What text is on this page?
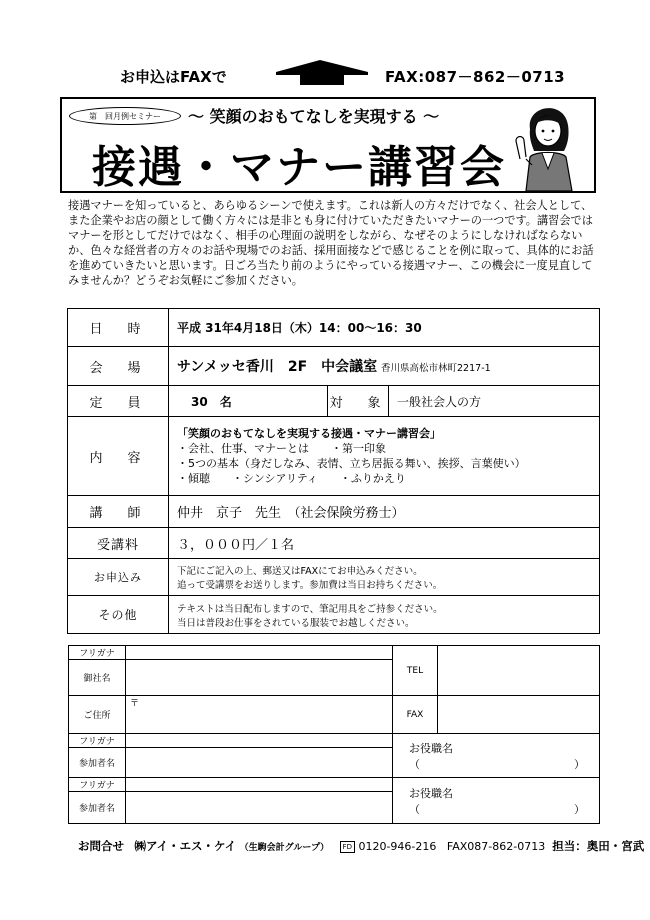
お申込はFAXで	FAX:087－862－0713
第　回月例セミナー	～ 笑顔のおもてなしを実現する ～
接遇・マナー講習会
接遇マナーを知っていると、あらゆるシーンで使えます。これは新人の方々だけでなく、社会人として、また企業やお店の顔として働く方々には是非とも身に付けていただきたいマナーの一つです。講習会ではマナーを形としてだけではなく、相手の心理面の説明をしながら、なぜそのようにしなければならないか、色々な経営者の方々のお話や現場でのお話、採用面接などで感じることを例に取って、具体的にお話を進めていきたいと思います。日ごろ当たり前のようにやっている接遇マナー、この機会に一度見直してみませんか？どうぞお気軽にご参加ください。
日　時	平成 31年4月18日（木）14：00～16：30		
会　場	サンメッセ香川　2F　中会議室 香川県高松市林町2217-1		
定　員	30　名	対　象	一般社会人の方
内　容	「笑顔のおもてなしを実現する接遇・マナー講習会」
・会社、仕事、マナーとは　　・第一印象
・5つの基本（身だしなみ、表情、立ち居振る舞い、挨拶、言葉使い）
・傾聴　　・シンシアリティ　　・ふりかえり		

講　師	仲井　京子　先生　（社会保険労務士）		
受講料	３，０００円／１名		
お申込み	下記にご記入の上、郵送又はFAXにてお申込みください。
追って受講票をお送りします。参加費は当日お持ちください。		

その他	テキストは当日配布しますので、筆記用具をご持参ください。
当日は普段お仕事をされている服装でお越しください。		
フリガナ		TEL	
御社名			
ご住所	〒	FAX	
フリガナ		お役職名（　　　　　　　　　　　　　　）	
参加者名			
フリガナ		お役職名（　　　　　　　　　　　　　　）	
参加者名			
お問合せ ㈱アイ・エス・ケイ （生駒会計グループ） FD 0120-946-216 FAX087-862-0713 担当：奥田・宮武
